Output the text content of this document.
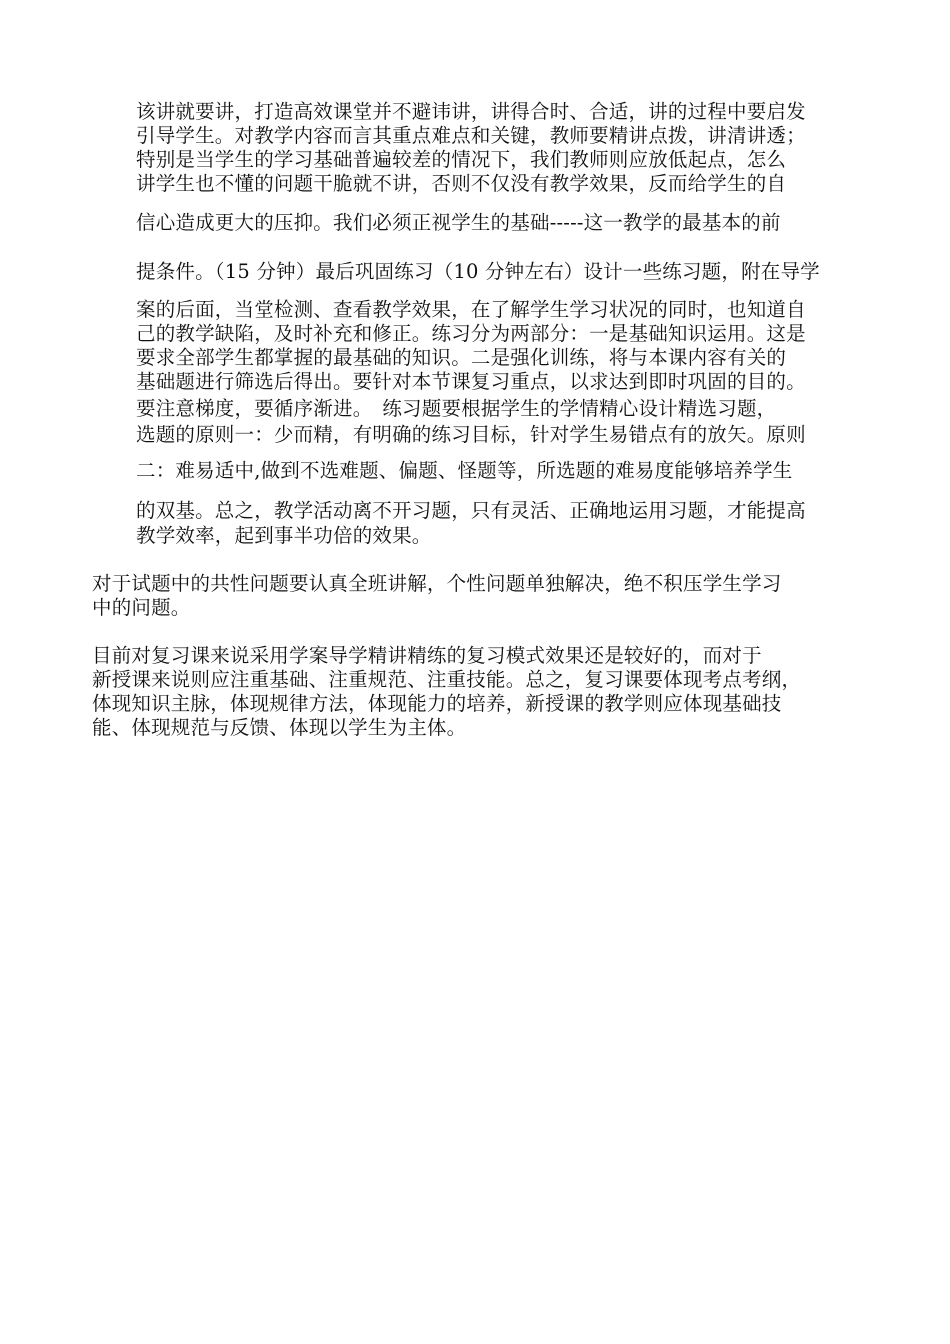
该讲就要讲，打造高效课堂并不避讳讲，讲得合时、合适，讲的过程中要启发
引导学生。对教学内容而言其重点难点和关键，教师要精讲点拨，讲清讲透；
特别是当学生的学习基础普遍较差的情况下，我们教师则应放低起点，怎么
讲学生也不懂的问题干脆就不讲，否则不仅没有教学效果，反而给学生的自
信心造成更大的压抑。我们必须正视学生的基础-----这一教学的最基本的前
提条件。（15 分钟）最后巩固练习（10 分钟左右）设计一些练习题，附在导学
案的后面，当堂检测、查看教学效果，在了解学生学习状况的同时，也知道自
己的教学缺陷，及时补充和修正。练习分为两部分：一是基础知识运用。这是
要求全部学生都掌握的最基础的知识。二是强化训练，将与本课内容有关的
基础题进行筛选后得出。要针对本节课复习重点，以求达到即时巩固的目的。
要注意梯度，要循序渐进。　练习题要根据学生的学情精心设计精选习题，
选题的原则一：少而精，有明确的练习目标，针对学生易错点有的放矢。原则
二：难易适中,做到不选难题、偏题、怪题等，所选题的难易度能够培养学生
的双基。总之，教学活动离不开习题，只有灵活、正确地运用习题，才能提高
教学效率，起到事半功倍的效果。
对于试题中的共性问题要认真全班讲解，个性问题单独解决，绝不积压学生学习
中的问题。
目前对复习课来说采用学案导学精讲精练的复习模式效果还是较好的，而对于
新授课来说则应注重基础、注重规范、注重技能。总之，复习课要体现考点考纲，
体现知识主脉，体现规律方法，体现能力的培养，新授课的教学则应体现基础技
能、体现规范与反馈、体现以学生为主体。
